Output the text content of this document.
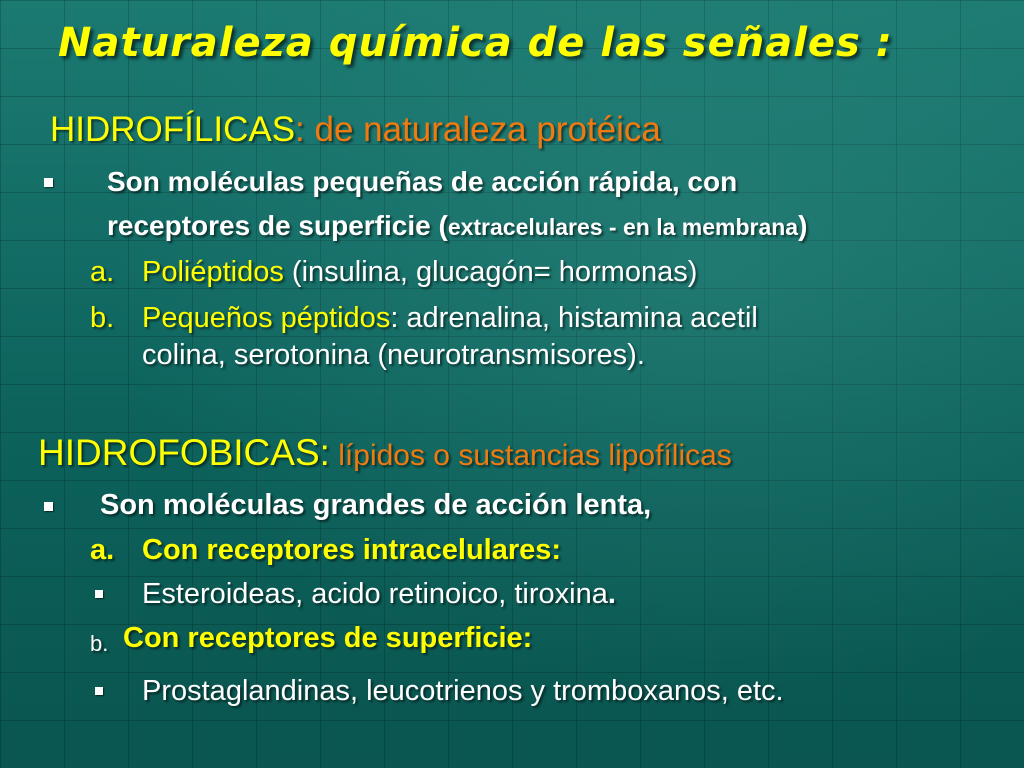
Naturaleza química de las señales :
HIDROFÍLICAS: de naturaleza protéica
Son moléculas pequeñas de acción rápida, con
receptores de superficie (extracelulares - en la membrana)
a. Poliéptidos (insulina, glucagón= hormonas)
b. Pequeños péptidos: adrenalina, histamina acetil
colina, serotonina (neurotransmisores).
HIDROFOBICAS: lípidos o sustancias lipofílicas
Son moléculas grandes de acción lenta,
a. Con receptores intracelulares:
Esteroideas, acido retinoico, tiroxina.
b. Con receptores de superficie:
Prostaglandinas, leucotrienos y tromboxanos, etc.
